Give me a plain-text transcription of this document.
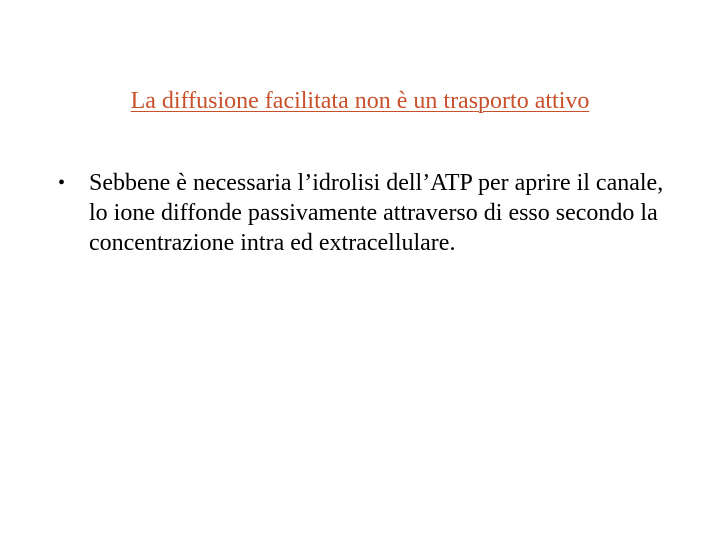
La diffusione facilitata non è un trasporto attivo
• Sebbene è necessaria l’idrolisi dell’ATP per aprire il canale, lo ione diffonde passivamente attraverso di esso secondo la concentrazione intra ed extracellulare.
